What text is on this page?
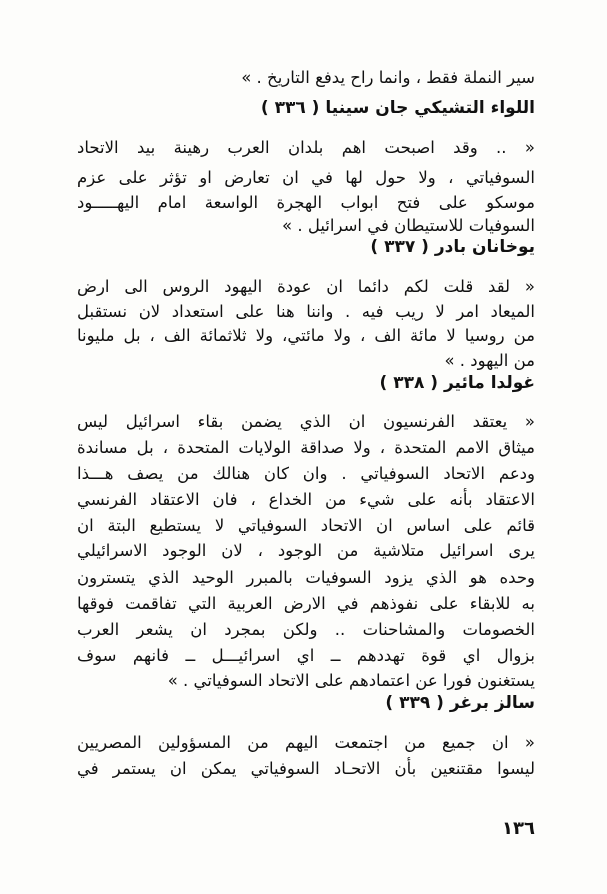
سير النملة فقط ، وانما راح يدفع التاريخ . »
اللواء التشيكي جان سينيا ( ٣٣٦ )
« .. وقد اصبحت اهم بلدان العرب رهينة بيد الاتحاد
السوفياتي ، ولا حول لها في ان تعارض او تؤثر على عزم
موسكو على فتح ابواب الهجرة الواسعة امام اليهـــــود
السوفيات للاستيطان في اسرائيل . »
يوخانان بادر ( ٣٣٧ )
« لقد قلت لكم دائما ان عودة اليهود الروس الى ارض
الميعاد امر لا ريب فيه . واننا هنا على استعداد لان نستقبل
من روسيا لا مائة الف ، ولا مائتي، ولا ثلاثمائة الف ، بل مليونا
من اليهود . »
غولدا مائير ( ٣٣٨ )
« يعتقد الفرنسيون ان الذي يضمن بقاء اسرائيل ليس
ميثاق الامم المتحدة ، ولا صداقة الولايات المتحدة ، بل مساندة
ودعم الاتحاد السوفياتي . وان كان هنالك من يصف هـــذا
الاعتقاد بأنه على شيء من الخداع ، فان الاعتقاد الفرنسي
قائم على اساس ان الاتحاد السوفياتي لا يستطيع البتة ان
يرى اسرائيل متلاشية من الوجود ، لان الوجود الاسرائيلي
وحده هو الذي يزود السوفيات بالمبرر الوحيد الذي يتسترون
به للابقاء على نفوذهم في الارض العربية التي تفاقمت فوقها
الخصومات والمشاحنات .. ولكن بمجرد ان يشعر العرب
بزوال اي قوة تهددهم ــ اي اسرائيـــل ــ فانهم سوف
يستغنون فورا عن اعتمادهم على الاتحاد السوفياتي . »
سالز برغر ( ٣٣٩ )
« ان جميع من اجتمعت اليهم من المسؤولين المصريين
ليسوا مقتنعين بأن الاتحـاد السوفياتي يمكن ان يستمر في
١٣٦
